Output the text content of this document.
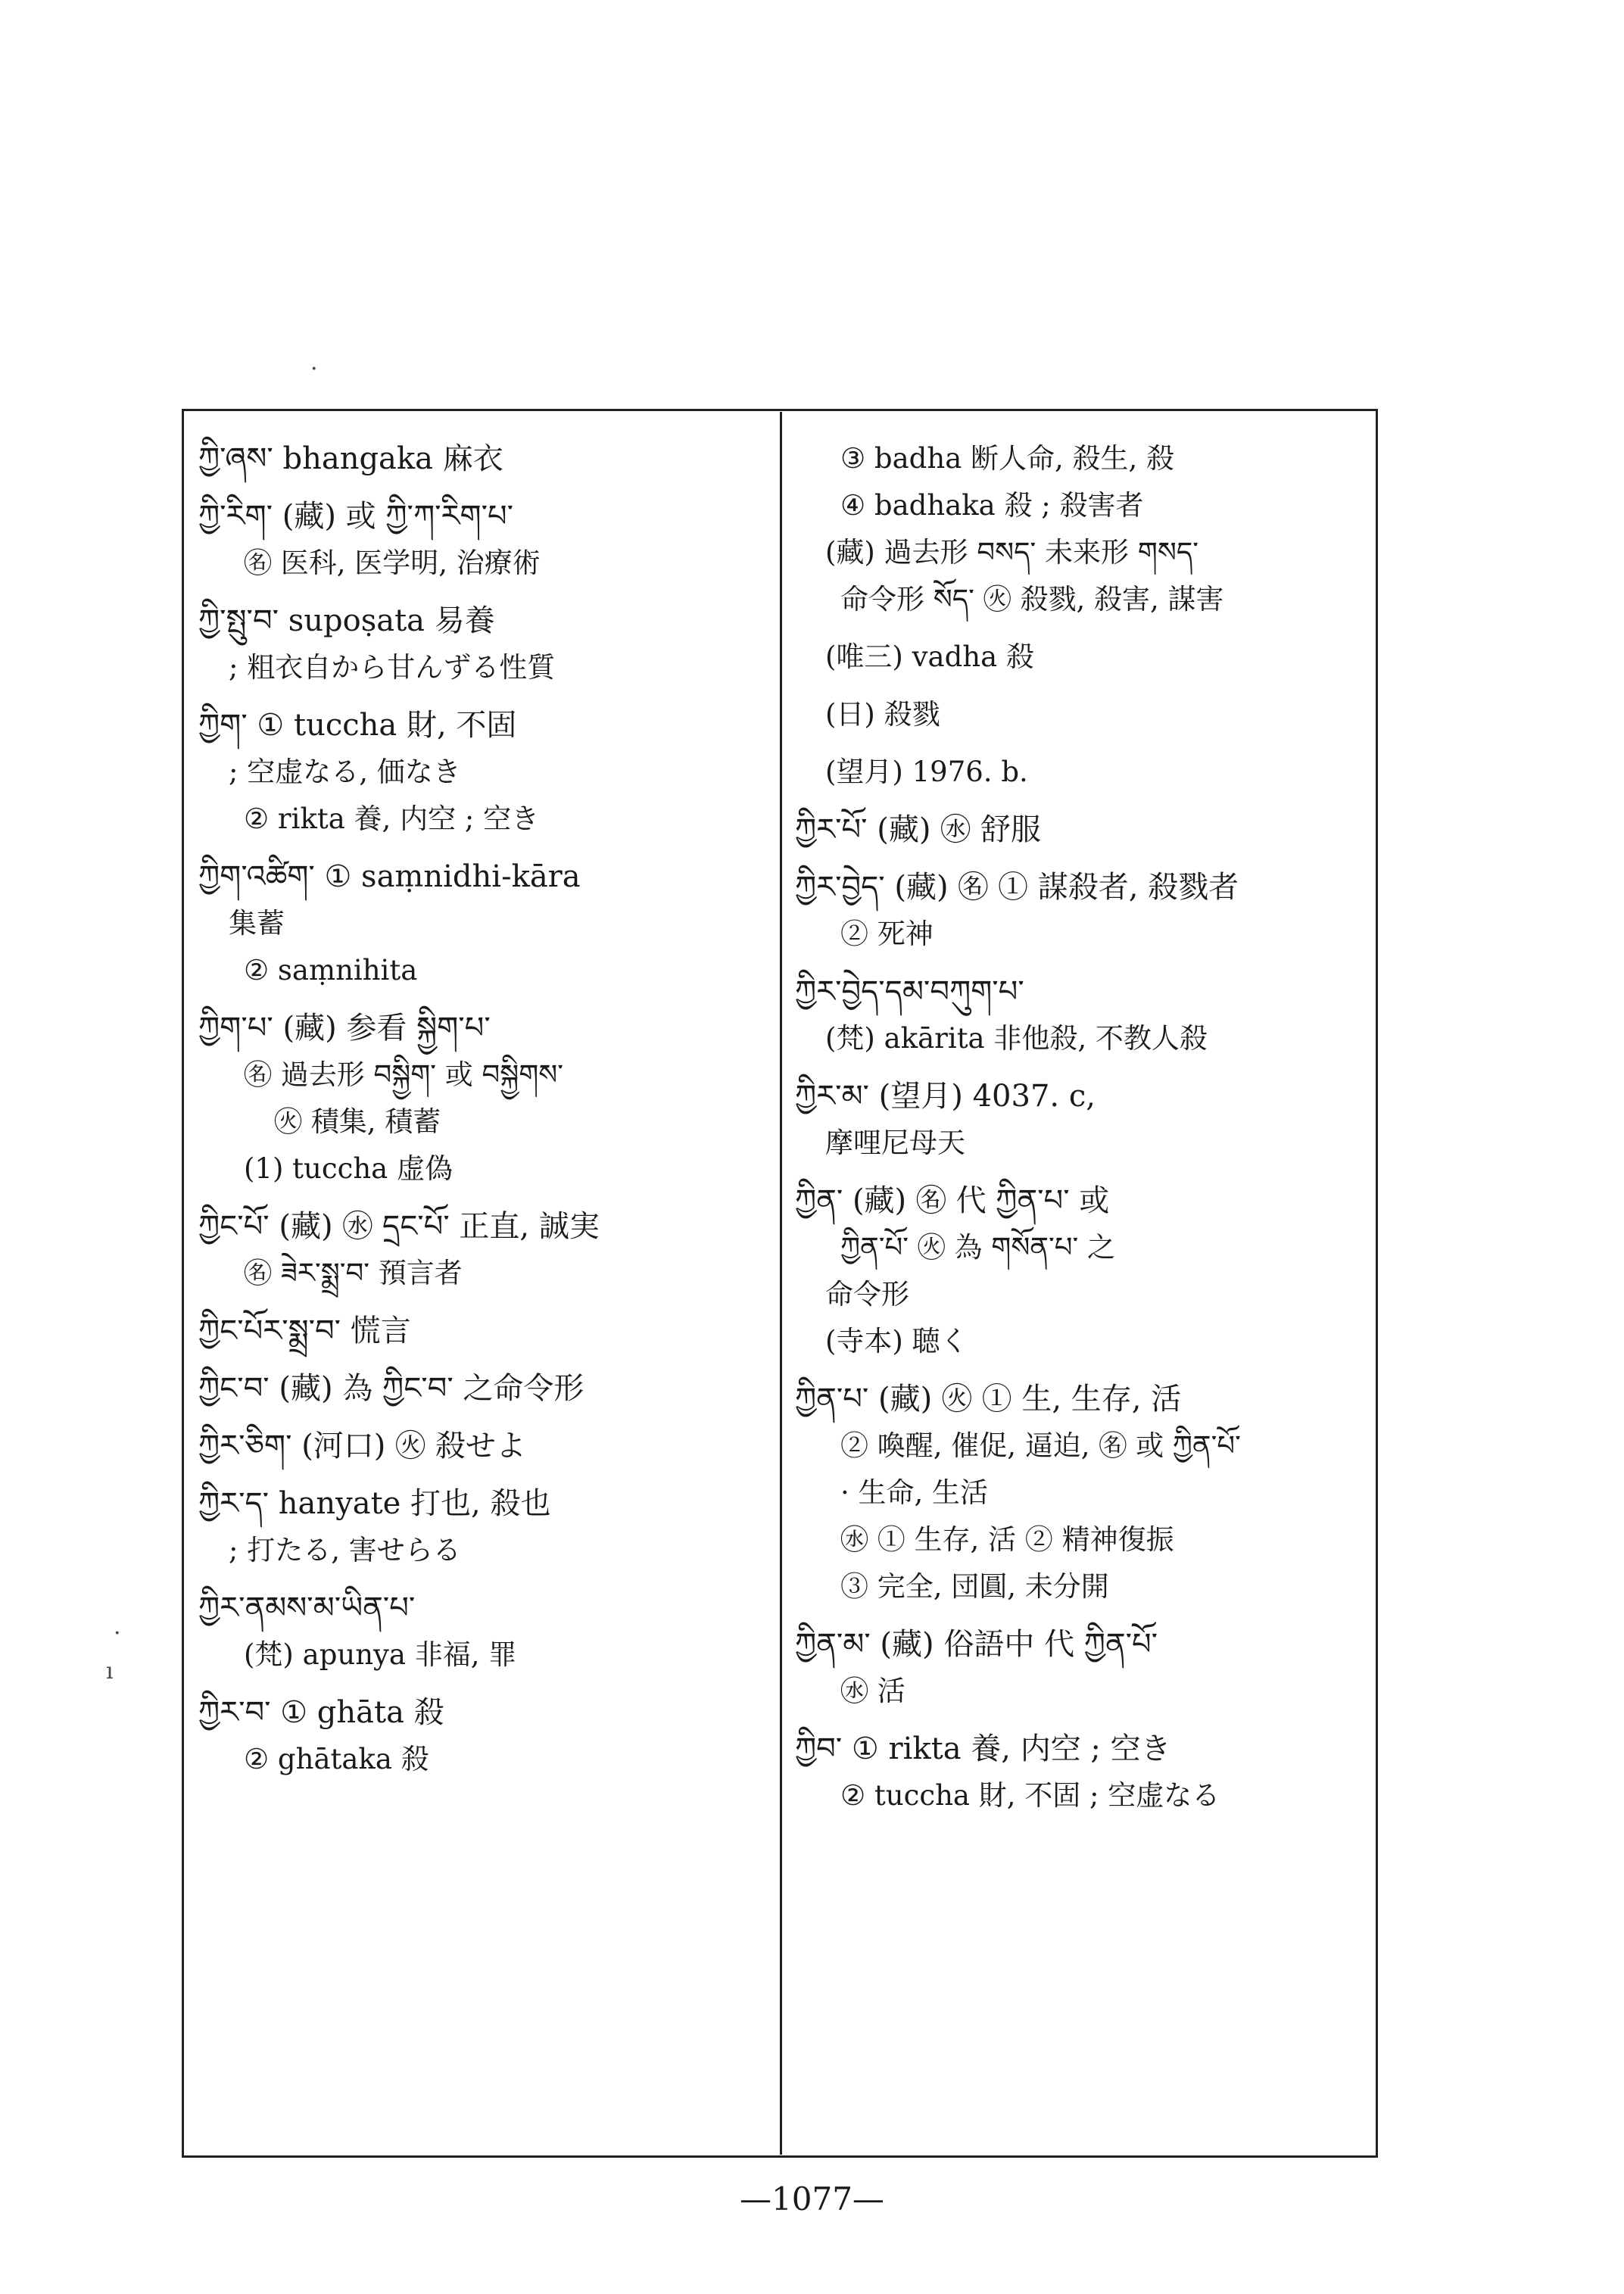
·
·
ı
ཀྱི་ཞས་ bhangaka 麻衣
ཀྱི་རིག་ (藏) 或 ཀྱི་ཀ་རིག་པ་
㊔ 医科, 医学明, 治療術
ཀྱི་སྤུ་བ་ supoṣata 易養
; 粗衣自から甘んずる性質
ཀྱིག་ ① tuccha 財, 不固
; 空虚なる, 価なき
② rikta 養, 内空 ; 空き
ཀྱིག་འཚིག་ ① saṃnidhi-kāra
集蓄
② saṃnihita
ཀྱིག་པ་ (藏) 参看 སྐྱིག་པ་
㊔ 過去形 བསྐྱིག་ 或 བསྐྱིགས་
㊋ 積集, 積蓄
(1) tuccha 虚偽
ཀྱིང་པོ་ (藏) ㊌ དྲང་པོ་ 正直, 誠実
㊔ ཟེར་སྨྲ་བ་ 預言者
ཀྱིང་པོར་སྨྲ་བ་ 慌言
ཀྱིང་བ་ (藏) 為 ཀྱིང་བ་ 之命令形
ཀྱིར་ཅིག་ (河口) ㊋ 殺せよ
ཀྱིར་ད་ hanyate 打也, 殺也
; 打たる, 害せらる
ཀྱིར་ནམས་མ་ཡིན་པ་
(梵) apunya 非福, 罪
ཀྱིར་བ་ ① ghāta 殺
② ghātaka 殺
③ badha 断人命, 殺生, 殺
④ badhaka 殺 ; 殺害者
(藏) 過去形 བསད་ 未来形 གསད་
命令形 སོད་ ㊋ 殺戮, 殺害, 謀害
(唯三) vadha 殺
(日) 殺戮
(望月) 1976. b.
ཀྱིར་པོ་ (藏) ㊌ 舒服
ཀྱིར་བྱེད་ (藏) ㊔ ① 謀殺者, 殺戮者
② 死神
ཀྱིར་བྱེད་དམ་བཀུག་པ་
(梵) akārita 非他殺, 不教人殺
ཀྱིར་མ་ (望月) 4037. c,
摩哩尼母天
ཀྱིན་ (藏) ㊔ 代 ཀྱིན་པ་ 或
ཀྱིན་པོ་ ㊋ 為 གསོན་པ་ 之
命令形
(寺本) 聴く
ཀྱིན་པ་ (藏) ㊋ ① 生, 生存, 活
② 喚醒, 催促, 逼迫, ㊔ 或 ཀྱིན་པོ་
· 生命, 生活
㊌ ① 生存, 活 ② 精神復振
③ 完全, 団圓, 未分開
ཀྱིན་མ་ (藏) 俗語中 代 ཀྱིན་པོ་
㊌ 活
ཀྱིབ་ ① rikta 養, 内空 ; 空き
② tuccha 財, 不固 ; 空虚なる
—1077—
